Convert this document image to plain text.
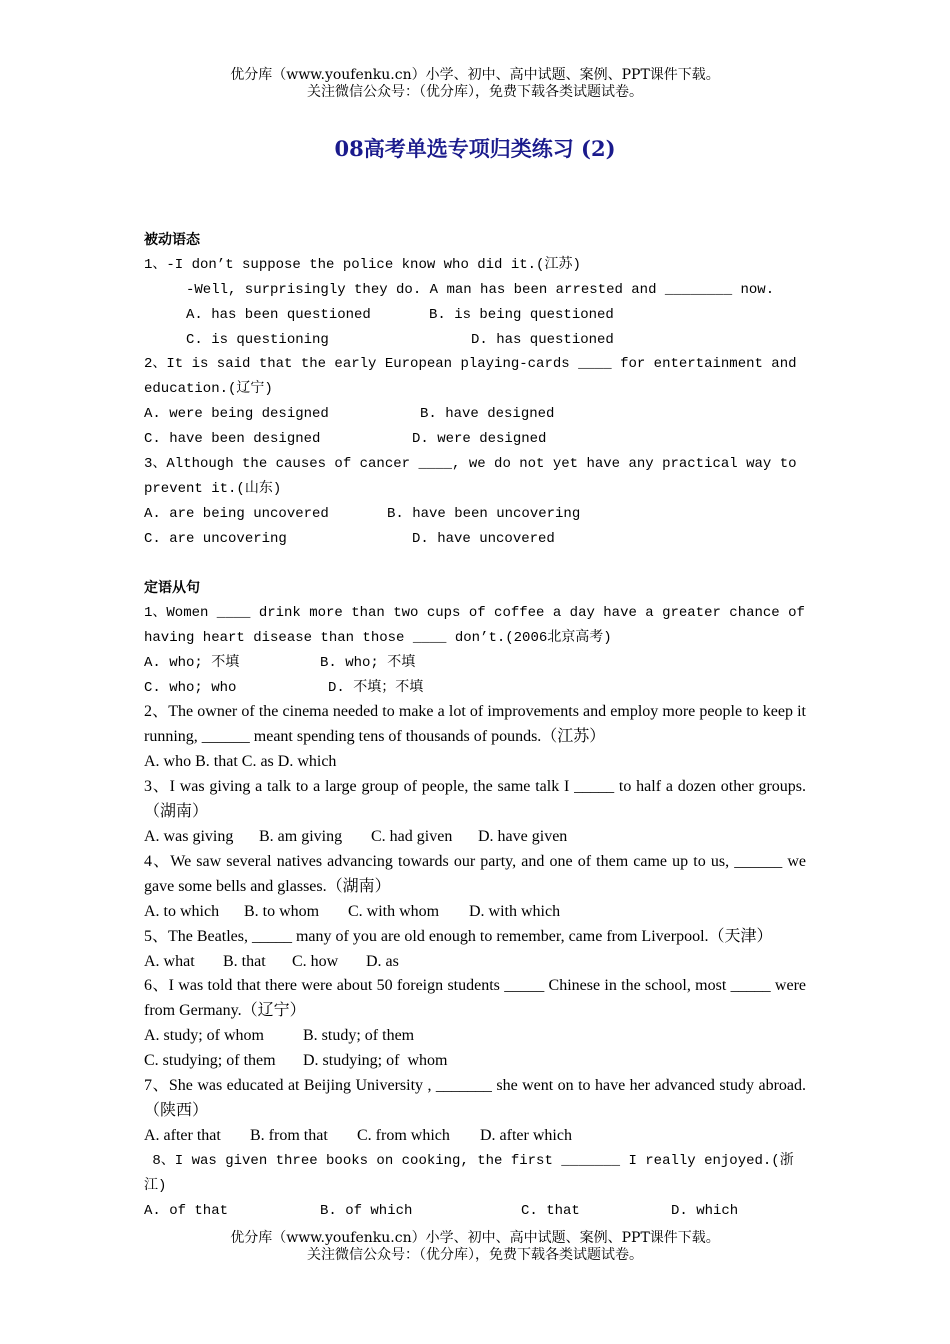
优分库（www.youfenku.cn）小学、初中、高中试题、案例、PPT课件下载。
关注微信公众号：（优分库），免费下载各类试题试卷。
08高考单选专项归类练习 (2)
被动语态
1、-I don’t suppose the police know who did it.(江苏)
-Well, surprisingly they do. A man has been arrested and ________ now.
A. has been questioned	B. is being questioned
C. is questioning	D. has questioned
2、It is said that the early European playing-cards ____ for entertainment and
education.(辽宁)
A. were being designed	B. have designed
C. have been designed	D. were designed
3、Although the causes of cancer ____, we do not yet have any practical way to
prevent it.(山东)
A. are being uncovered	B. have been uncovering
C. are uncovering	D. have uncovered
定语从句
1、Women ____ drink more than two cups of coffee a day have a greater chance of
having heart disease than those ____ don’t.(2006北京高考)
A. who; 不填	B. who; 不填
C. who; who	D. 不填；不填
2、The owner of the cinema needed to make a lot of improvements and employ more people to keep it running, ______ meant spending tens of thousands of pounds.（江苏）
A. who B. that C. as D. which
3、I was giving a talk to a large group of people, the same talk I _____ to half a dozen other groups.（湖南）
A. was giving	B. am giving	C. had given	D. have given
4、We saw several natives advancing towards our party, and one of them came up to us, ______ we gave some bells and glasses.（湖南）
A. to which	B. to whom	C. with whom	D. with which
5、The Beatles, _____ many of you are old enough to remember, came from Liverpool.（天津）
A. what	B. that	C. how	D. as
6、I was told that there were about 50 foreign students _____ Chinese in the school, most _____ were from Germany.（辽宁）
A. study; of whom	B. study; of them
C. studying; of them	D. studying; of  whom
7、She was educated at Beijing University , _______ she went on to have her advanced study abroad.（陕西）
A. after that	B. from that	C. from which	D. after which
8、I was given three books on cooking, the first _______ I really enjoyed.(浙
江)
A. of that	B. of which	C. that	D. which
优分库（www.youfenku.cn）小学、初中、高中试题、案例、PPT课件下载。
关注微信公众号：（优分库），免费下载各类试题试卷。
